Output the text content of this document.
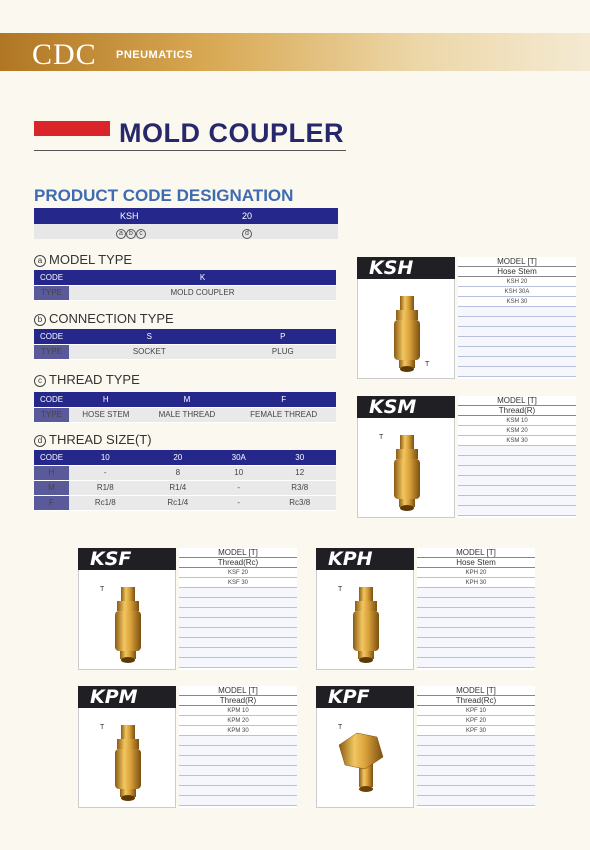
CDC PNEUMATICS
MOLD COUPLER
PRODUCT CODE DESIGNATION
KSH	20
a b c	d
a MODEL TYPE
CODE	K
TYPE	MOLD COUPLER
b CONNECTION TYPE
CODE	S	P
TYPE	SOCKET	PLUG
c THREAD TYPE
CODE	H	M	F
TYPE	HOSE STEM	MALE THREAD	FEMALE THREAD
d THREAD SIZE(T)
CODE	10	20	30A	30
H	-	8	10	12
M	R1/8	R1/4	-	R3/8
F	Rc1/8	Rc1/4	-	Rc3/8
KSH
T
MODEL [T]
Hose Stem
KSH 20
KSH 30A
KSH 30
KSM
T
MODEL [T]
Thread(R)
KSM 10
KSM 20
KSM 30
KSF
T
MODEL [T]
Thread(Rc)
KSF 20
KSF 30
KPH
T
MODEL [T]
Hose Stem
KPH 20
KPH 30
KPM
T
MODEL [T]
Thread(R)
KPM 10
KPM 20
KPM 30
KPF
T
MODEL [T]
Thread(Rc)
KPF 10
KPF 20
KPF 30
